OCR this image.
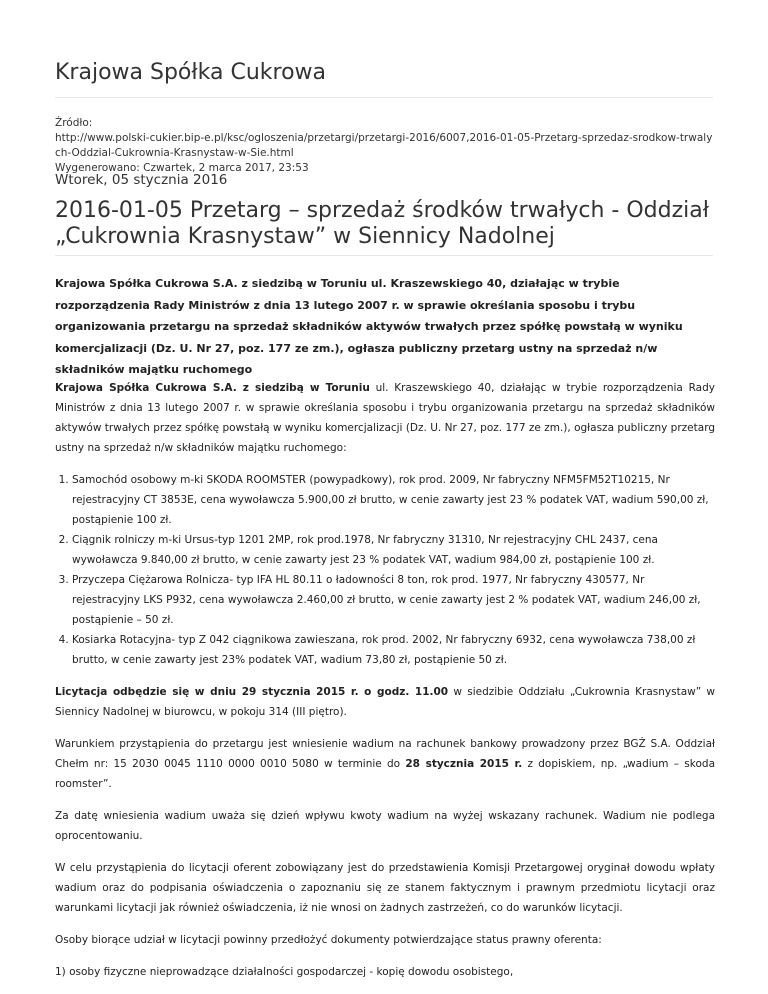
Krajowa Spółka Cukrowa
Źródło:
http://www.polski-cukier.bip-e.pl/ksc/ogloszenia/przetargi/przetargi-2016/6007,2016-01-05-Przetarg-sprzedaz-srodkow-trwalych-Oddzial-Cukrownia-Krasnystaw-w-Sie.html
Wygenerowano: Czwartek, 2 marca 2017, 23:53
Wtorek, 05 stycznia 2016
2016-01-05 Przetarg – sprzedaż środków trwałych - Oddział „Cukrownia Krasnystaw” w Siennicy Nadolnej

Krajowa Spółka Cukrowa S.A. z siedzibą w Toruniu ul. Kraszewskiego 40, działając w trybie rozporządzenia Rady Ministrów z dnia 13 lutego 2007 r. w sprawie określania sposobu i trybu organizowania przetargu na sprzedaż składników aktywów trwałych przez spółkę powstałą w wyniku komercjalizacji (Dz. U. Nr 27, poz. 177 ze zm.), ogłasza publiczny przetarg ustny na sprzedaż n/w składników majątku ruchomego

Krajowa Spółka Cukrowa S.A. z siedzibą w Toruniu ul. Kraszewskiego 40, działając w trybie rozporządzenia Rady Ministrów z dnia 13 lutego 2007 r. w sprawie określania sposobu i trybu organizowania przetargu na sprzedaż składników aktywów trwałych przez spółkę powstałą w wyniku komercjalizacji (Dz. U. Nr 27, poz. 177 ze zm.), ogłasza publiczny przetarg ustny na sprzedaż n/w składników majątku ruchomego:

1. Samochód osobowy m-ki SKODA ROOMSTER (powypadkowy), rok prod. 2009, Nr fabryczny NFM5FM52T10215, Nr rejestracyjny CT 3853E, cena wywoławcza 5.900,00 zł brutto, w cenie zawarty jest 23 % podatek VAT, wadium 590,00 zł, postąpienie 100 zł.
2. Ciągnik rolniczy m-ki Ursus-typ 1201 2MP, rok prod.1978, Nr fabryczny 31310, Nr rejestracyjny CHL 2437, cena wywoławcza 9.840,00 zł brutto, w cenie zawarty jest 23 % podatek VAT, wadium 984,00 zł, postąpienie 100 zł.
3. Przyczepa Ciężarowa Rolnicza- typ IFA HL 80.11 o ładowności 8 ton, rok prod. 1977, Nr fabryczny 430577, Nr rejestracyjny LKS P932, cena wywoławcza 2.460,00 zł brutto, w cenie zawarty jest 2 % podatek VAT, wadium 246,00 zł, postąpienie – 50 zł.
4. Kosiarka Rotacyjna- typ Z 042 ciągnikowa zawieszana, rok prod. 2002, Nr fabryczny 6932, cena wywoławcza 738,00 zł brutto, w cenie zawarty jest 23% podatek VAT, wadium 73,80 zł, postąpienie 50 zł.

Licytacja odbędzie się w dniu 29 stycznia 2015 r. o godz. 11.00 w siedzibie Oddziału „Cukrownia Krasnystaw” w Siennicy Nadolnej w biurowcu, w pokoju 314 (III piętro).

Warunkiem przystąpienia do przetargu jest wniesienie wadium na rachunek bankowy prowadzony przez BGŻ S.A. Oddział Chełm nr: 15 2030 0045 1110 0000 0010 5080 w terminie do 28 stycznia 2015 r. z dopiskiem, np. „wadium – skoda roomster”.

Za datę wniesienia wadium uważa się dzień wpływu kwoty wadium na wyżej wskazany rachunek. Wadium nie podlega oprocentowaniu.

W celu przystąpienia do licytacji oferent zobowiązany jest do przedstawienia Komisji Przetargowej oryginał dowodu wpłaty wadium oraz do podpisania oświadczenia o zapoznaniu się ze stanem faktycznym i prawnym przedmiotu licytacji oraz warunkami licytacji jak również oświadczenia, iż nie wnosi on żadnych zastrzeżeń, co do warunków licytacji.

Osoby biorące udział w licytacji powinny przedłożyć dokumenty potwierdzające status prawny oferenta:

1) osoby fizyczne nieprowadzące działalności gospodarczej - kopię dowodu osobistego,
